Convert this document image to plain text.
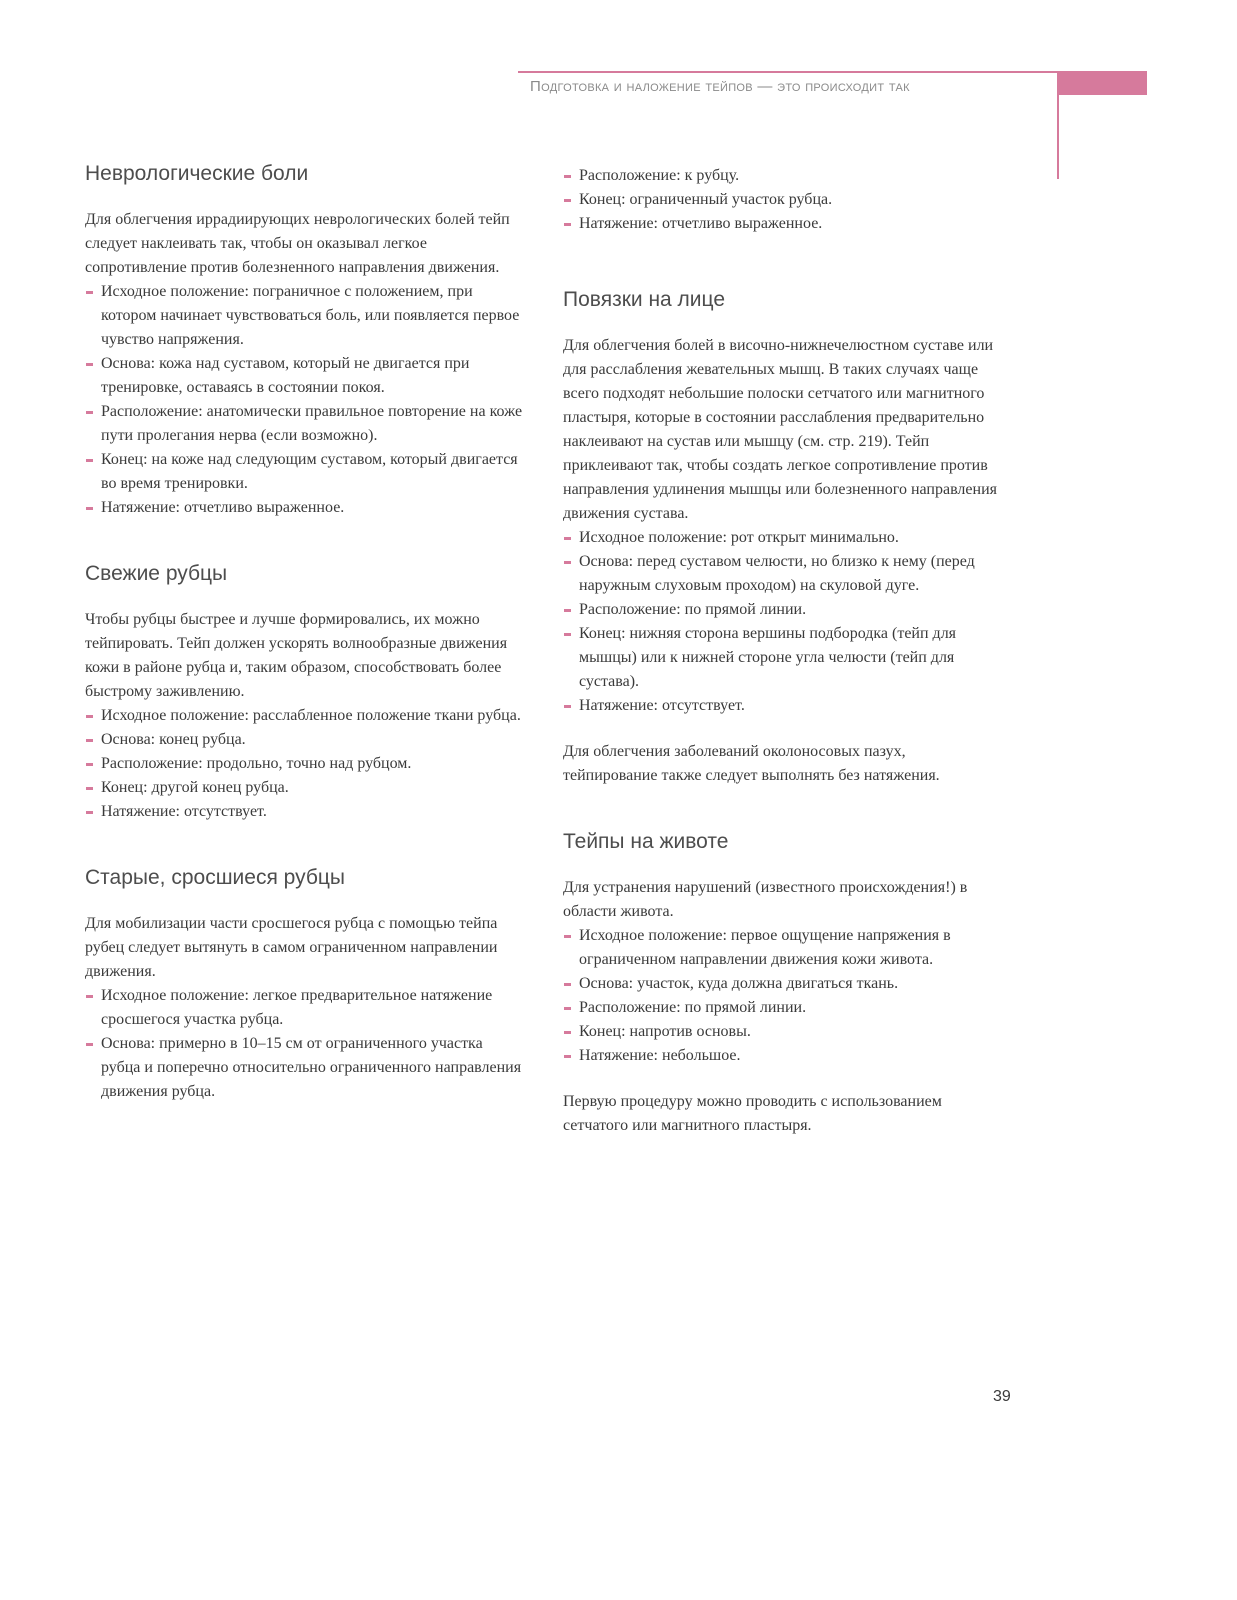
Подготовка и наложение тейпов — это происходит так
Неврологические боли

Для облегчения иррадиирующих неврологических болей тейп следует наклеивать так, чтобы он оказывал легкое сопротивление против болезненного направления движения.

Исходное положение: пограничное с положением, при котором начинает чувствоваться боль, или появляется первое чувство напряжения.
Основа: кожа над суставом, который не двигается при тренировке, оставаясь в состоянии покоя.
Расположение: анатомически правильное повторение на коже пути пролегания нерва (если возможно).
Конец: на коже над следующим суставом, который двигается во время тренировки.
Натяжение: отчетливо выраженное.
Свежие рубцы

Чтобы рубцы быстрее и лучше формировались, их можно тейпировать. Тейп должен ускорять волнообразные движения кожи в районе рубца и, таким образом, способствовать более быстрому заживлению.

Исходное положение: расслабленное положение ткани рубца.
Основа: конец рубца.
Расположение: продольно, точно над рубцом.
Конец: другой конец рубца.
Натяжение: отсутствует.
Старые, сросшиеся рубцы

Для мобилизации части сросшегося рубца с помощью тейпа рубец следует вытянуть в самом ограниченном направлении движения.

Исходное положение: легкое предварительное натяжение сросшегося участка рубца.
Основа: примерно в 10–15 см от ограниченного участка рубца и поперечно относительно ограниченного направления движения рубца.
Расположение: к рубцу.
Конец: ограниченный участок рубца.
Натяжение: отчетливо выраженное.
Повязки на лице

Для облегчения болей в височно-нижнечелюстном суставе или для расслабления жевательных мышц. В таких случаях чаще всего подходят небольшие полоски сетчатого или магнитного пластыря, которые в состоянии расслабления предварительно наклеивают на сустав или мышцу (см. стр. 219). Тейп приклеивают так, чтобы создать легкое сопротивление против направления удлинения мышцы или болезненного направления движения сустава.

Исходное положение: рот открыт минимально.
Основа: перед суставом челюсти, но близко к нему (перед наружным слуховым проходом) на скуловой дуге.
Расположение: по прямой линии.
Конец: нижняя сторона вершины подбородка (тейп для мышцы) или к нижней стороне угла челюсти (тейп для сустава).
Натяжение: отсутствует.

Для облегчения заболеваний околоносовых пазух, тейпирование также следует выполнять без натяжения.

Тейпы на животе

Для устранения нарушений (известного происхождения!) в области живота.

Исходное положение: первое ощущение напряжения в ограниченном направлении движения кожи живота.
Основа: участок, куда должна двигаться ткань.
Расположение: по прямой линии.
Конец: напротив основы.
Натяжение: небольшое.

Первую процедуру можно проводить с использованием сетчатого или магнитного пластыря.

39
